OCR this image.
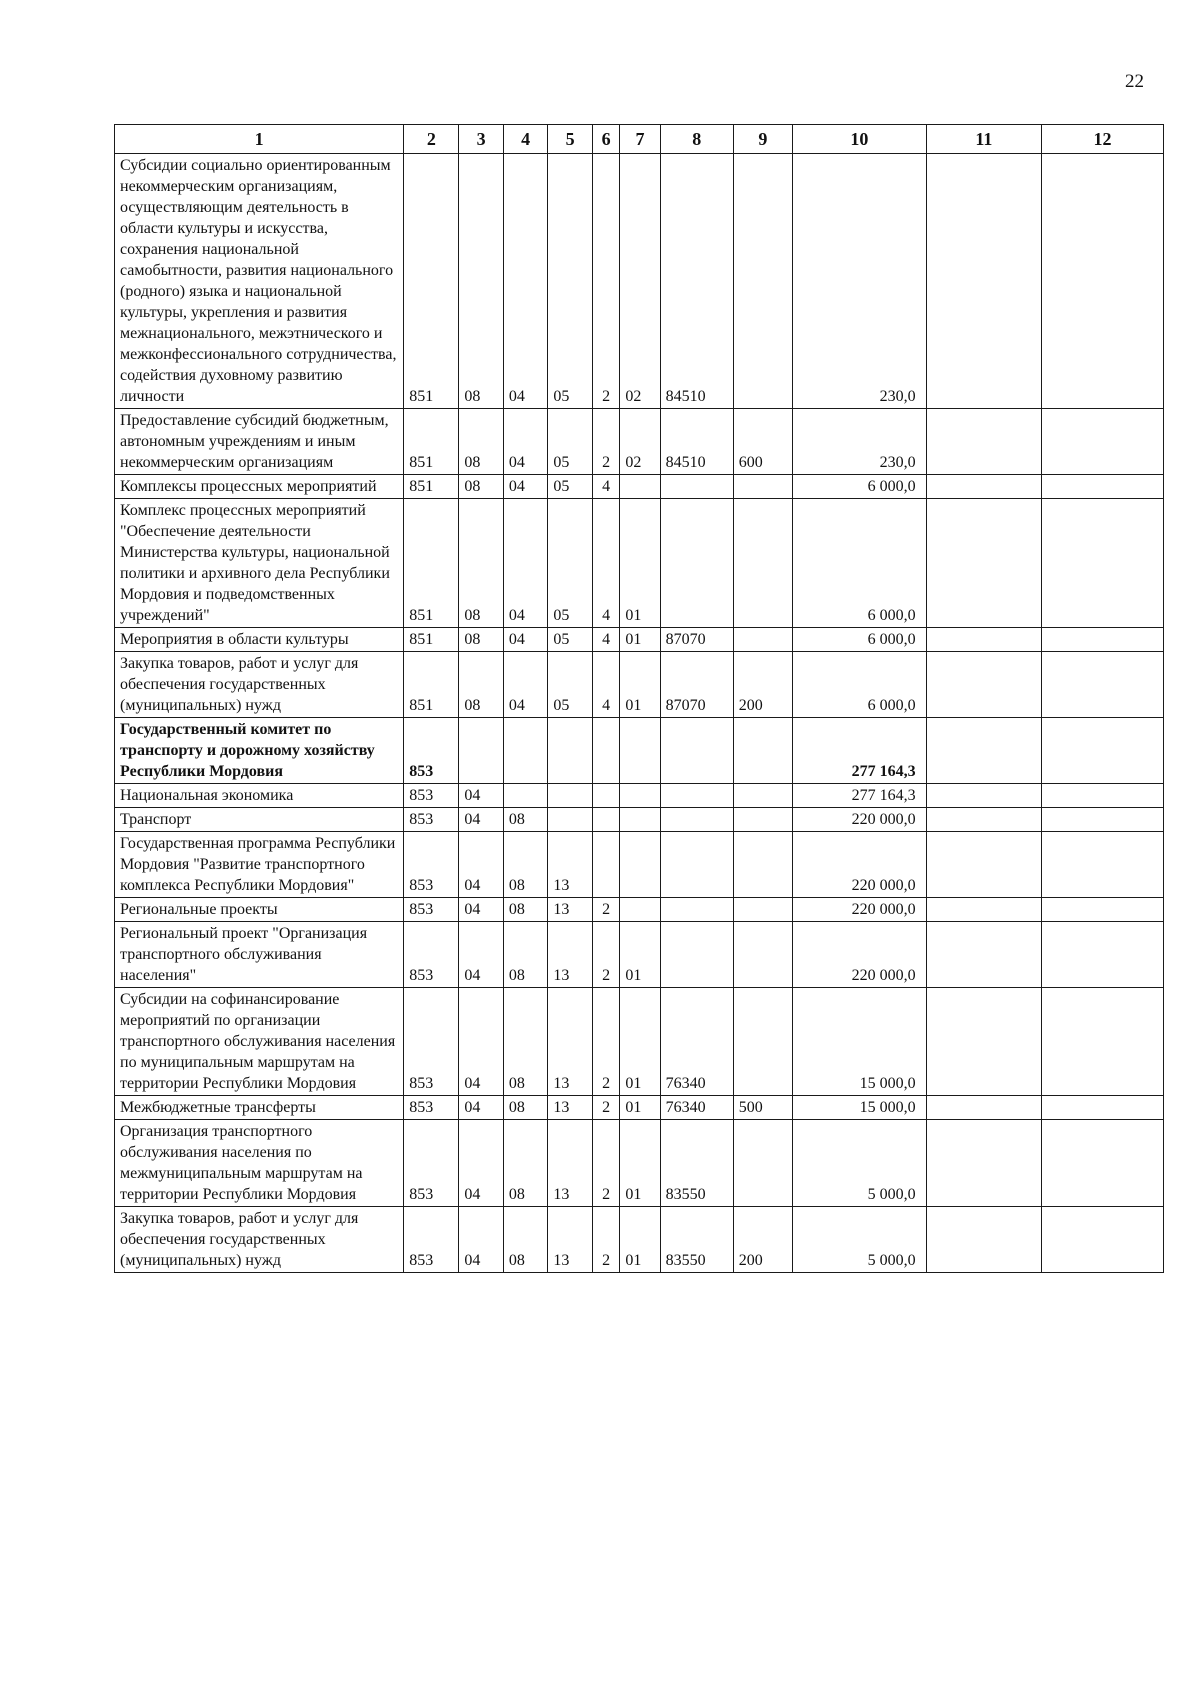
22
1	2	3	4	5	6	7	8	9	10	11	12
Субсидии социально ориентированным некоммерческим организациям, осуществляющим деятельность в области культуры и искусства, сохранения национальной самобытности, развития национального (родного) языка и национальной культуры, укрепления и развития межнационального, межэтнического и межконфессионального сотрудничества, содействия духовному развитию личности	851	08	04	05	2	02	84510		230,0		
Предоставление субсидий бюджетным, автономным учреждениям и иным некоммерческим организациям	851	08	04	05	2	02	84510	600	230,0		
Комплексы процессных мероприятий	851	08	04	05	4				6 000,0		
Комплекс процессных мероприятий "Обеспечение деятельности Министерства культуры, национальной политики и архивного дела Республики Мордовия и подведомственных учреждений"	851	08	04	05	4	01			6 000,0		
Мероприятия в области культуры	851	08	04	05	4	01	87070		6 000,0		
Закупка товаров, работ и услуг для обеспечения государственных (муниципальных) нужд	851	08	04	05	4	01	87070	200	6 000,0		
Государственный комитет по транспорту и дорожному хозяйству Республики Мордовия	853								277 164,3		
Национальная экономика	853	04							277 164,3		
Транспорт	853	04	08						220 000,0		
Государственная программа Республики Мордовия "Развитие транспортного комплекса Республики Мордовия"	853	04	08	13					220 000,0		
Региональные проекты	853	04	08	13	2				220 000,0		
Региональный проект "Организация транспортного обслуживания населения"	853	04	08	13	2	01			220 000,0		
Субсидии на софинансирование мероприятий по организации транспортного обслуживания населения по муниципальным маршрутам на территории Республики Мордовия	853	04	08	13	2	01	76340		15 000,0		
Межбюджетные трансферты	853	04	08	13	2	01	76340	500	15 000,0		
Организация транспортного обслуживания населения по межмуниципальным маршрутам на территории Республики Мордовия	853	04	08	13	2	01	83550		5 000,0		
Закупка товаров, работ и услуг для обеспечения государственных (муниципальных) нужд	853	04	08	13	2	01	83550	200	5 000,0		
